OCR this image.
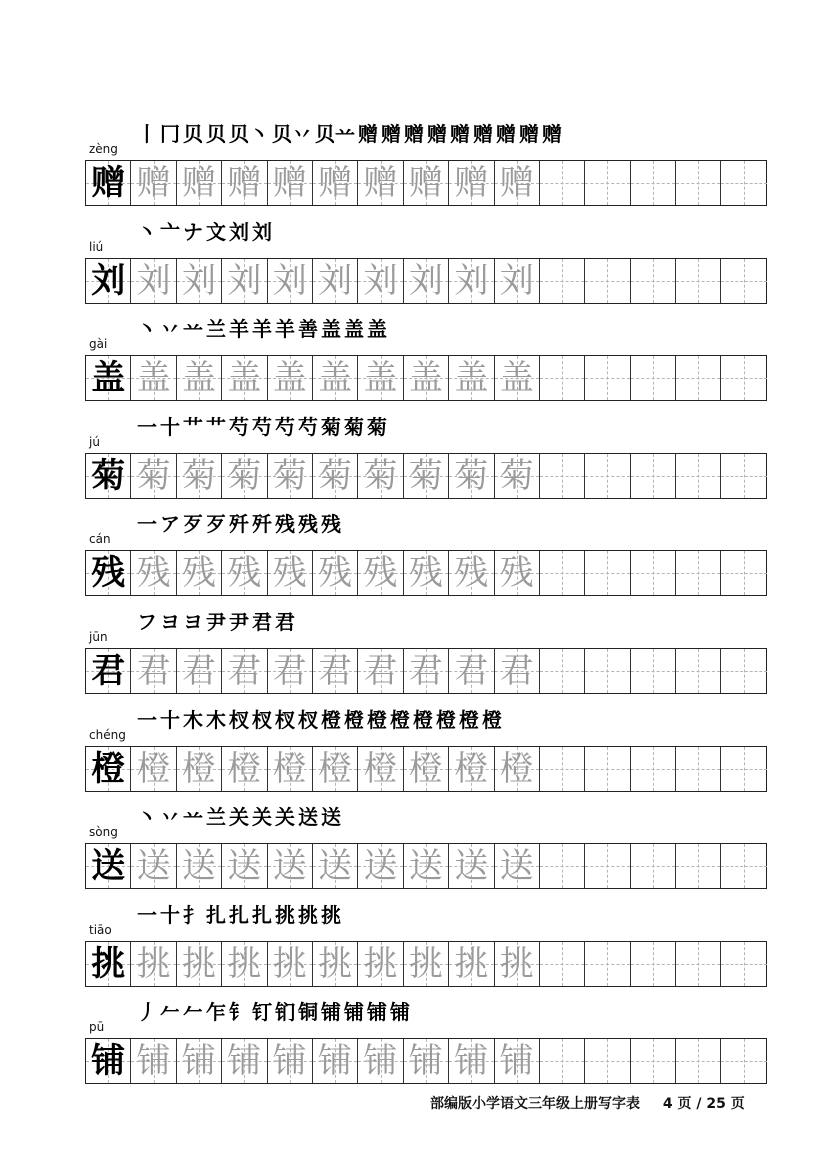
zèng
丨 冂 贝 贝 贝丶 贝丷 贝䒑 赠 赠 赠 赠 赠 赠 赠 赠 赠
赠 赠 赠 赠 赠 赠 赠 赠 赠 赠
liú
丶 亠 ナ 文 刘 刘
刘 刘 刘 刘 刘 刘 刘 刘 刘 刘
gài
丶 丷 䒑 兰 羊 羊 羊 善 盖 盖 盖
盖 盖 盖 盖 盖 盖 盖 盖 盖 盖
jú
一 十 艹 艹 芍 芍 芍 芍 菊 菊 菊
菊 菊 菊 菊 菊 菊 菊 菊 菊 菊
cán
一 ア 歹 歹 歼 歼 残 残 残
残 残 残 残 残 残 残 残 残 残
jūn
フ ヨ ヨ 尹 尹 君 君
君 君 君 君 君 君 君 君 君 君
chéng
一 十 木 木 杈 杈 杈 杈 橙 橙 橙 橙 橙 橙 橙 橙
橙 橙 橙 橙 橙 橙 橙 橙 橙 橙
sòng
丶 丷 䒑 兰 关 关 关 送 送
送 送 送 送 送 送 送 送 送 送
tiāo
一 十 扌 扎 扎 扎 挑 挑 挑
挑 挑 挑 挑 挑 挑 挑 挑 挑 挑
pū
丿 𠂉 𠂉 乍 钅 钉 钔 铜 铺 铺 铺 铺
铺 铺 铺 铺 铺 铺 铺 铺 铺 铺
部编版小学语文三年级上册写字表 4 页 / 25 页
